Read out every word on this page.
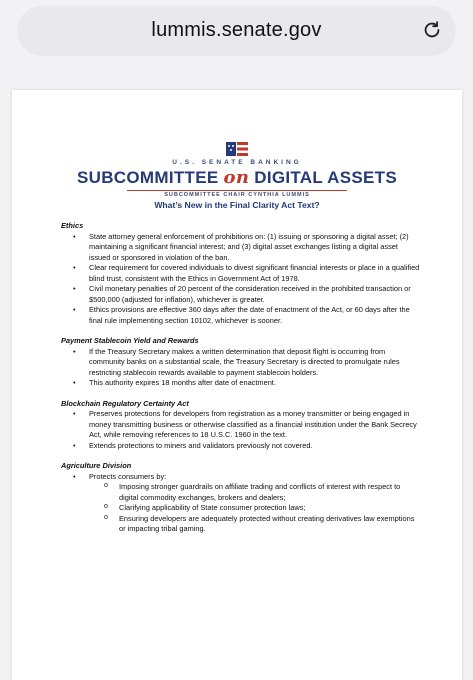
lummis.senate.gov
U.S. SENATE BANKING
SUBCOMMITTEE on DIGITAL ASSETS
SUBCOMMITTEE CHAIR CYNTHIA LUMMIS
What’s New in the Final Clarity Act Text?
Ethics
• State attorney general enforcement of prohibitions on: (1) issuing or sponsoring a digital asset; (2) maintaining a significant financial interest; and (3) digital asset exchanges listing a digital asset issued or sponsored in violation of the ban.
• Clear requirement for covered individuals to divest significant financial interests or place in a qualified blind trust, consistent with the Ethics in Government Act of 1978.
• Civil monetary penalties of 20 percent of the consideration received in the prohibited transaction or $500,000 (adjusted for inflation), whichever is greater.
• Ethics provisions are effective 360 days after the date of enactment of the Act, or 60 days after the final rule implementing section 10102, whichever is sooner.
Payment Stablecoin Yield and Rewards
• If the Treasury Secretary makes a written determination that deposit flight is occurring from community banks on a substantial scale, the Treasury Secretary is directed to promulgate rules restricting stablecoin rewards available to payment stablecoin holders.
• This authority expires 18 months after date of enactment.
Blockchain Regulatory Certainty Act
• Preserves protections for developers from registration as a money transmitter or being engaged in money transmitting business or otherwise classified as a financial institution under the Bank Secrecy Act, while removing references to 18 U.S.C. 1960 in the text.
• Extends protections to miners and validators previously not covered.
Agriculture Division
• Protects consumers by:
o Imposing stronger guardrails on affiliate trading and conflicts of interest with respect to digital commodity exchanges, brokers and dealers;
o Clarifying applicability of State consumer protection laws;
o Ensuring developers are adequately protected without creating derivatives law exemptions or impacting tribal gaming.
